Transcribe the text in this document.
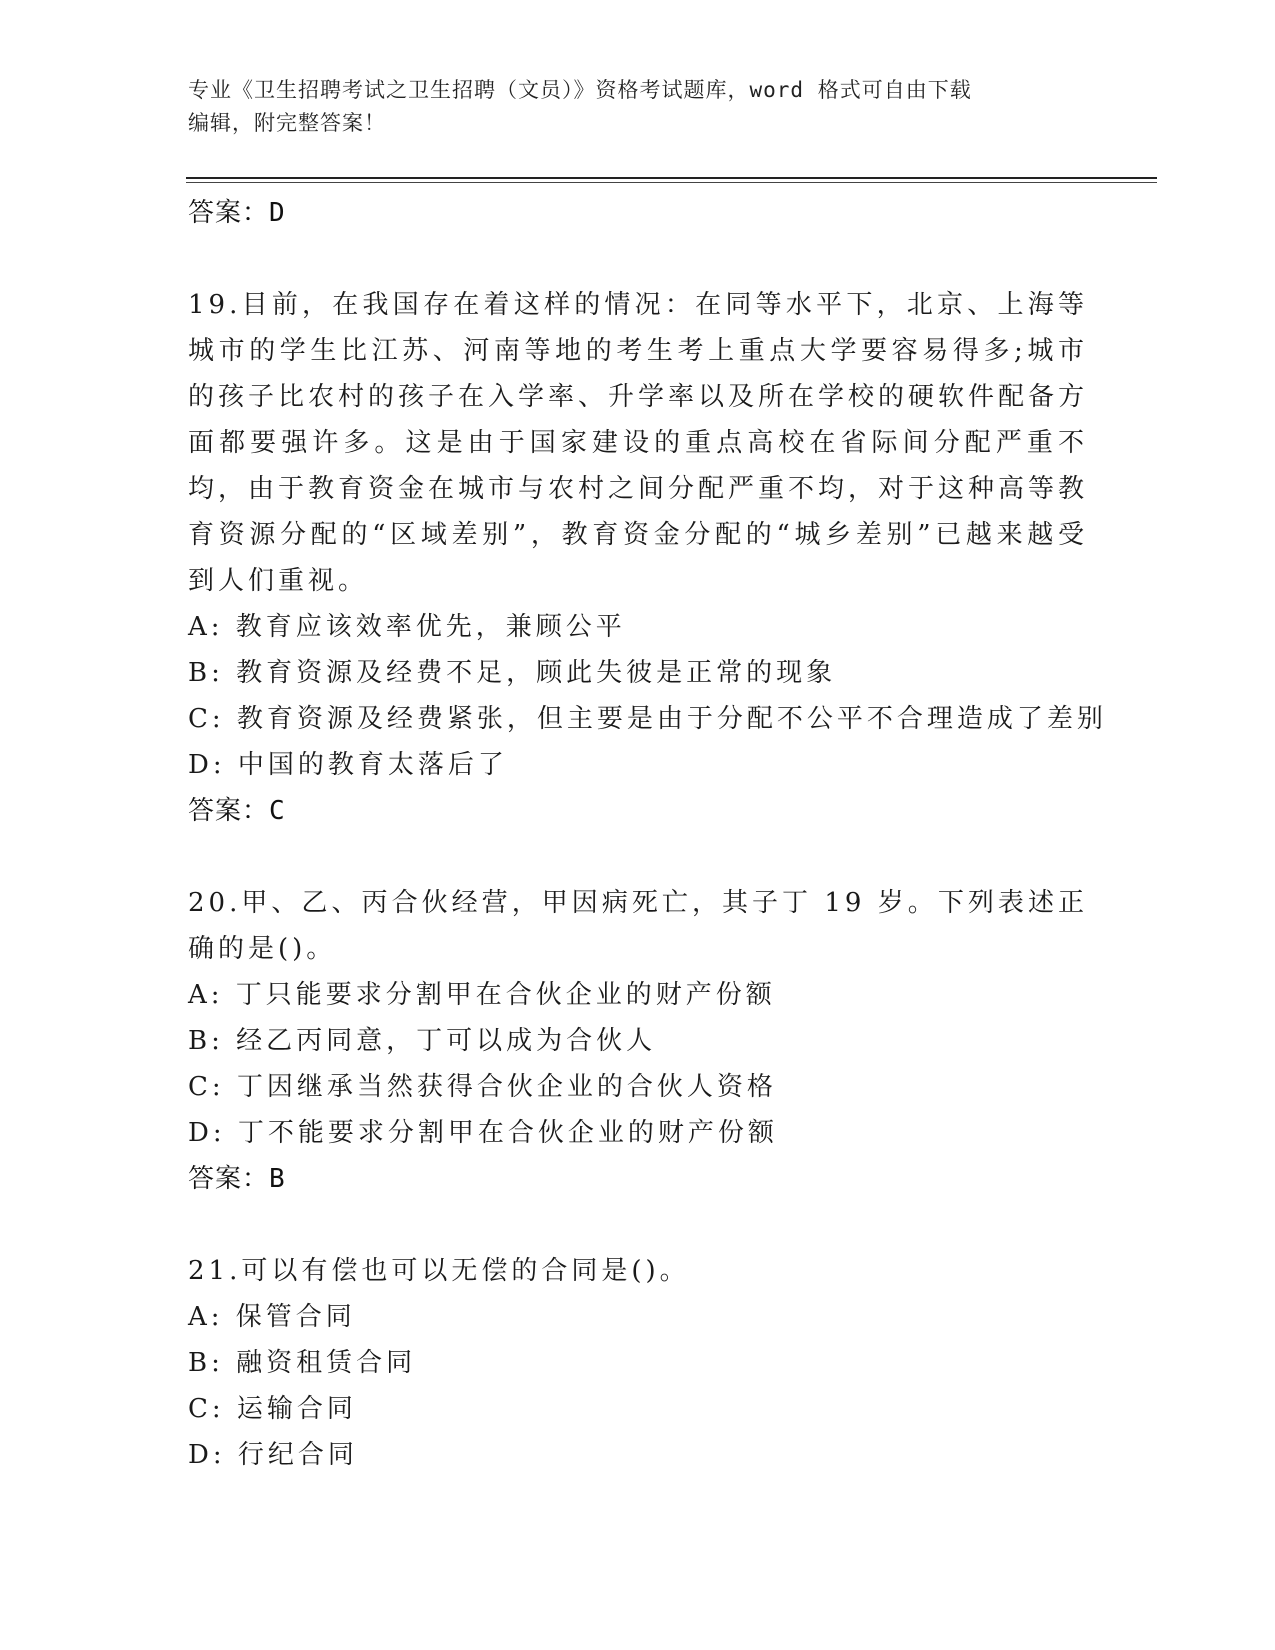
专业《卫生招聘考试之卫生招聘（文员）》资格考试题库，word 格式可自由下载
编辑，附完整答案！
答案：D
19.目前，在我国存在着这样的情况：在同等水平下，北京、上海等城市的学生比江苏、河南等地的考生考上重点大学要容易得多;城市的孩子比农村的孩子在入学率、升学率以及所在学校的硬软件配备方面都要强许多。这是由于国家建设的重点高校在省际间分配严重不均，由于教育资金在城市与农村之间分配严重不均，对于这种高等教育资源分配的“区域差别”，教育资金分配的“城乡差别”已越来越受到人们重视。
A: 教育应该效率优先，兼顾公平
B: 教育资源及经费不足，顾此失彼是正常的现象
C: 教育资源及经费紧张，但主要是由于分配不公平不合理造成了差别
D: 中国的教育太落后了
答案：C
20.甲、乙、丙合伙经营，甲因病死亡，其子丁 19 岁。下列表述正确的是()。
A: 丁只能要求分割甲在合伙企业的财产份额
B: 经乙丙同意，丁可以成为合伙人
C: 丁因继承当然获得合伙企业的合伙人资格
D: 丁不能要求分割甲在合伙企业的财产份额
答案：B
21.可以有偿也可以无偿的合同是()。
A: 保管合同
B: 融资租赁合同
C: 运输合同
D: 行纪合同
